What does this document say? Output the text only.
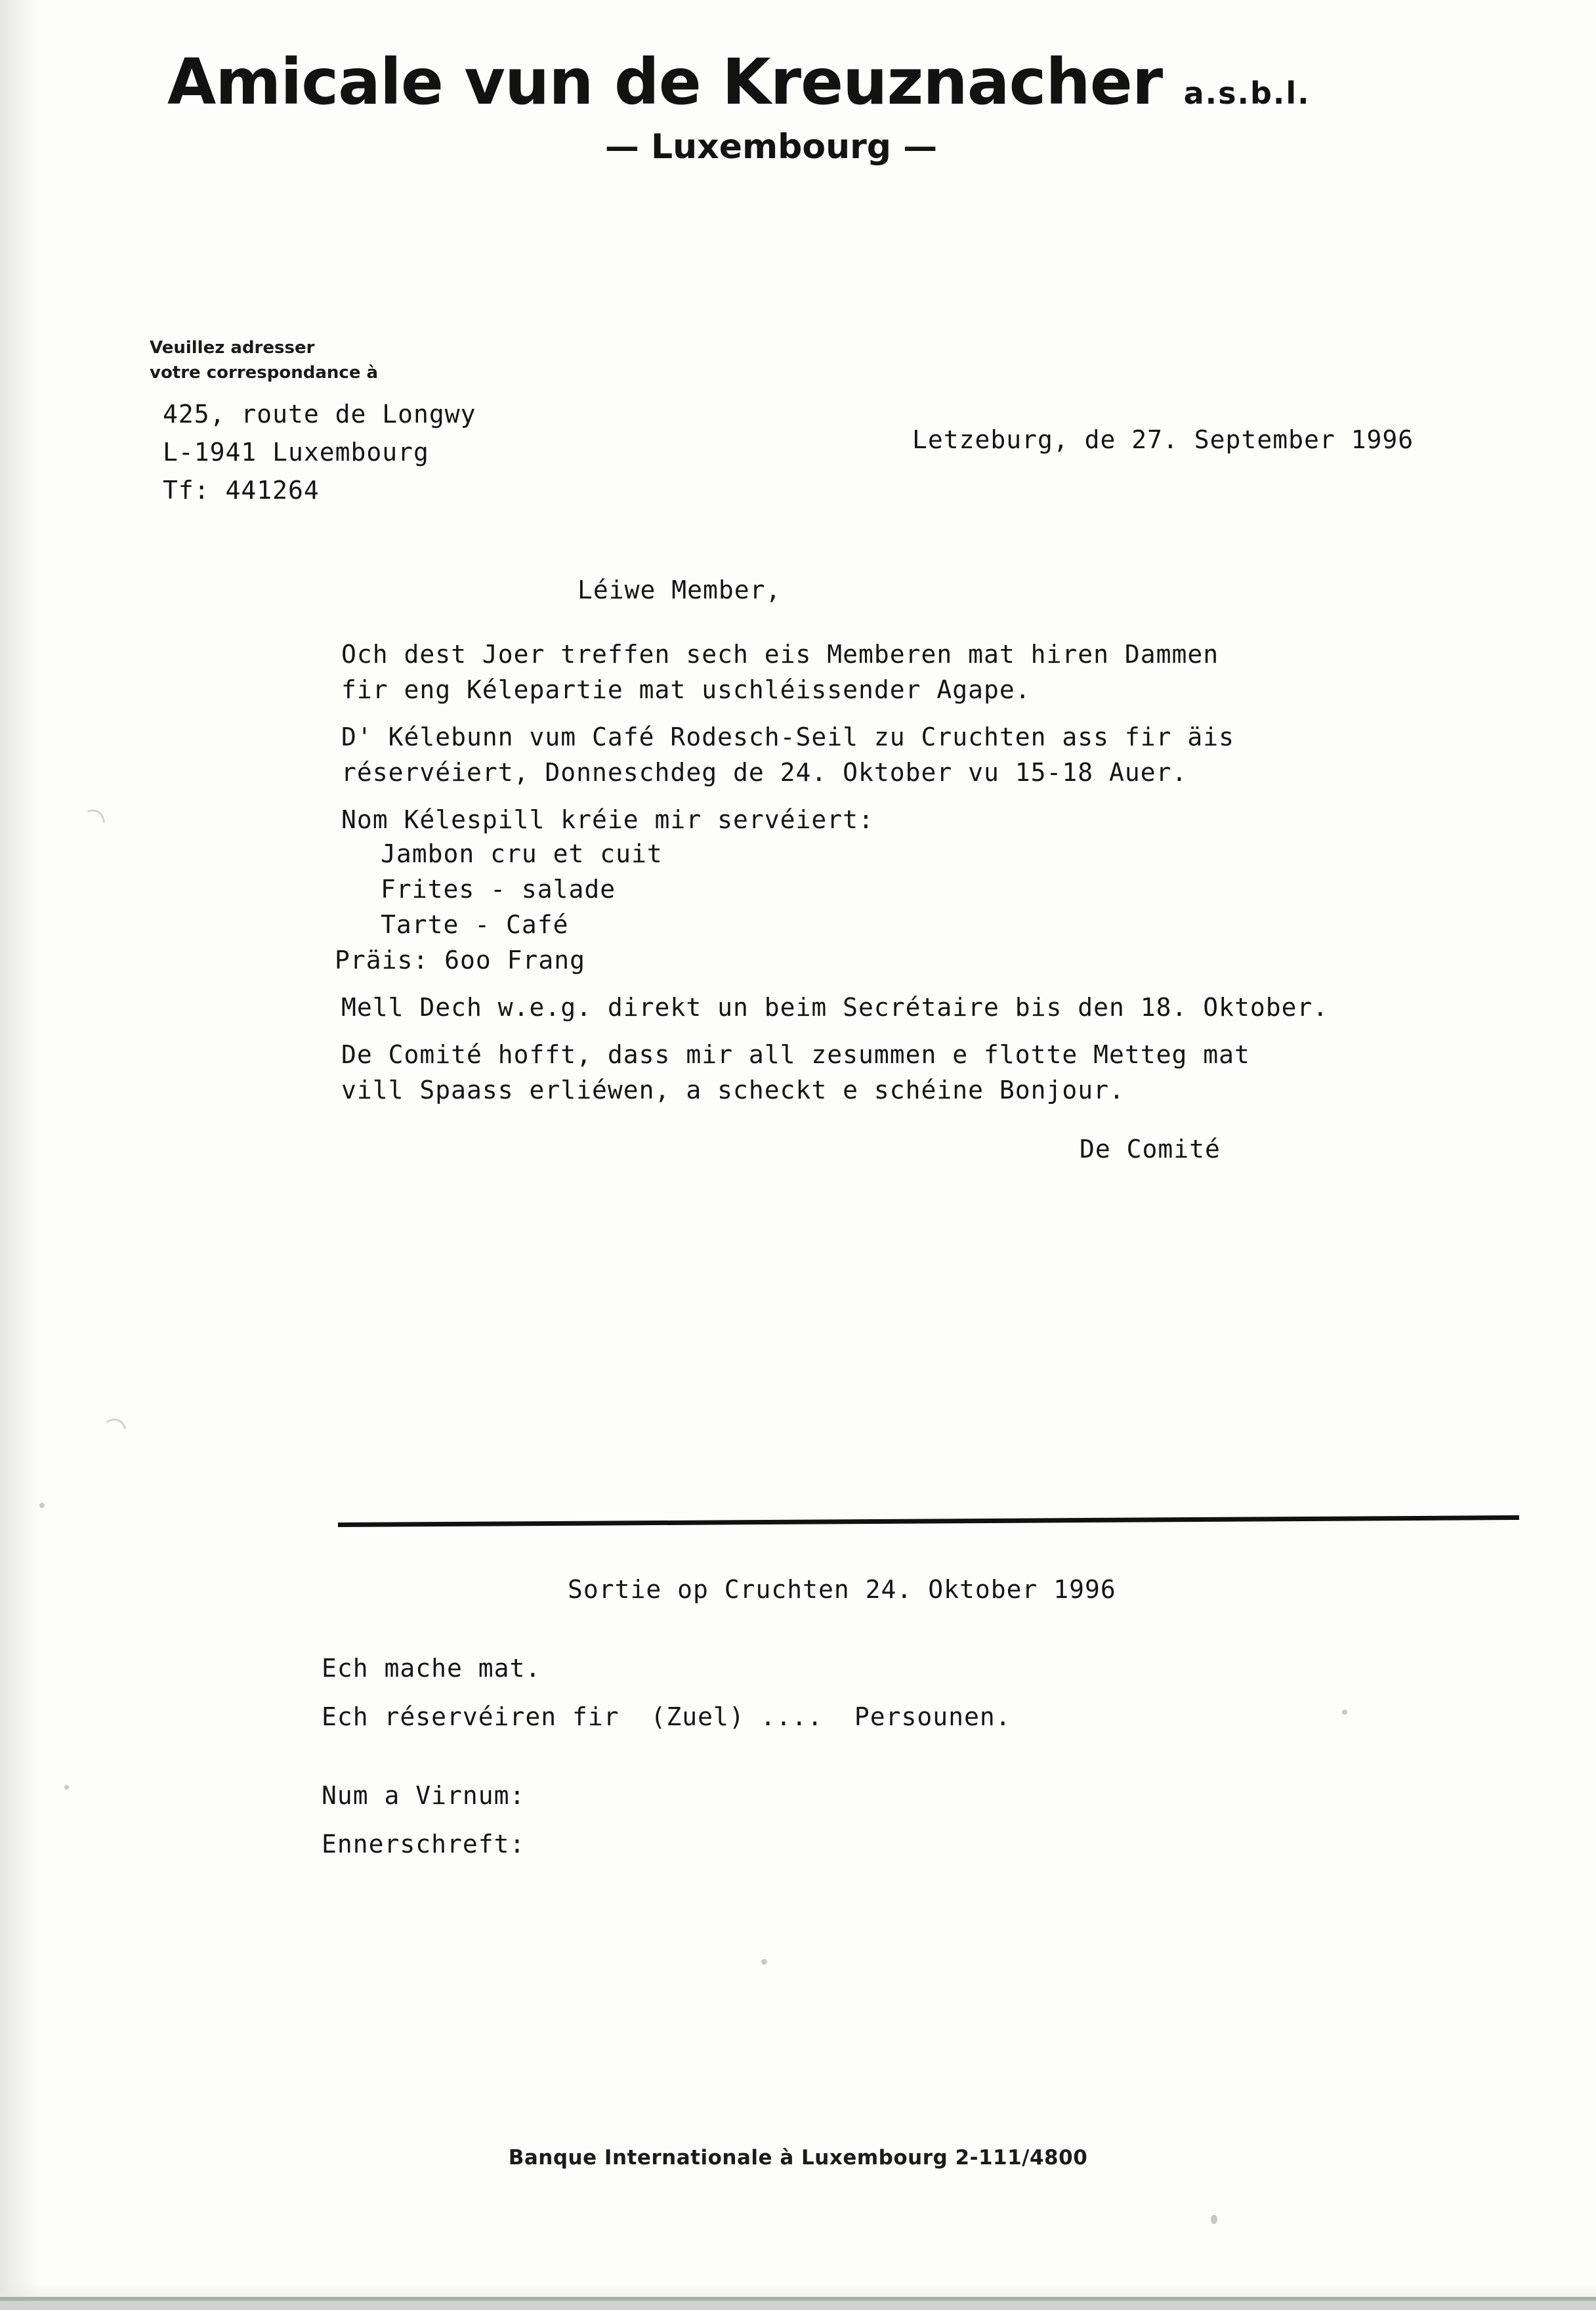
Amicale vun de Kreuznacher a.s.b.l.
— Luxembourg —
Veuillez adresser
votre correspondance à
425, route de Longwy
L-1941 Luxembourg
Tf: 441264
Letzeburg, de 27. September 1996
Léiwe Member,
Och dest Joer treffen sech eis Memberen mat hiren Dammen
fir eng Kélepartie mat uschléissender Agape.
D' Kélebunn vum Café Rodesch-Seil zu Cruchten ass fir äis
réservéiert, Donneschdeg de 24. Oktober vu 15-18 Auer.
Nom Kélespill kréie mir servéiert:
Jambon cru et cuit
Frites - salade
Tarte - Café
Präis: 6oo Frang
Mell Dech w.e.g. direkt un beim Secrétaire bis den 18. Oktober.
De Comité hofft, dass mir all zesummen e flotte Metteg mat
vill Spaass erliéwen, a scheckt e schéine Bonjour.
De Comité
Sortie op Cruchten 24. Oktober 1996
Ech mache mat.
Ech réservéiren fir  (Zuel) ....  Persounen.
Num a Virnum:
Ennerschreft:
Banque Internationale à Luxembourg 2-111/4800
